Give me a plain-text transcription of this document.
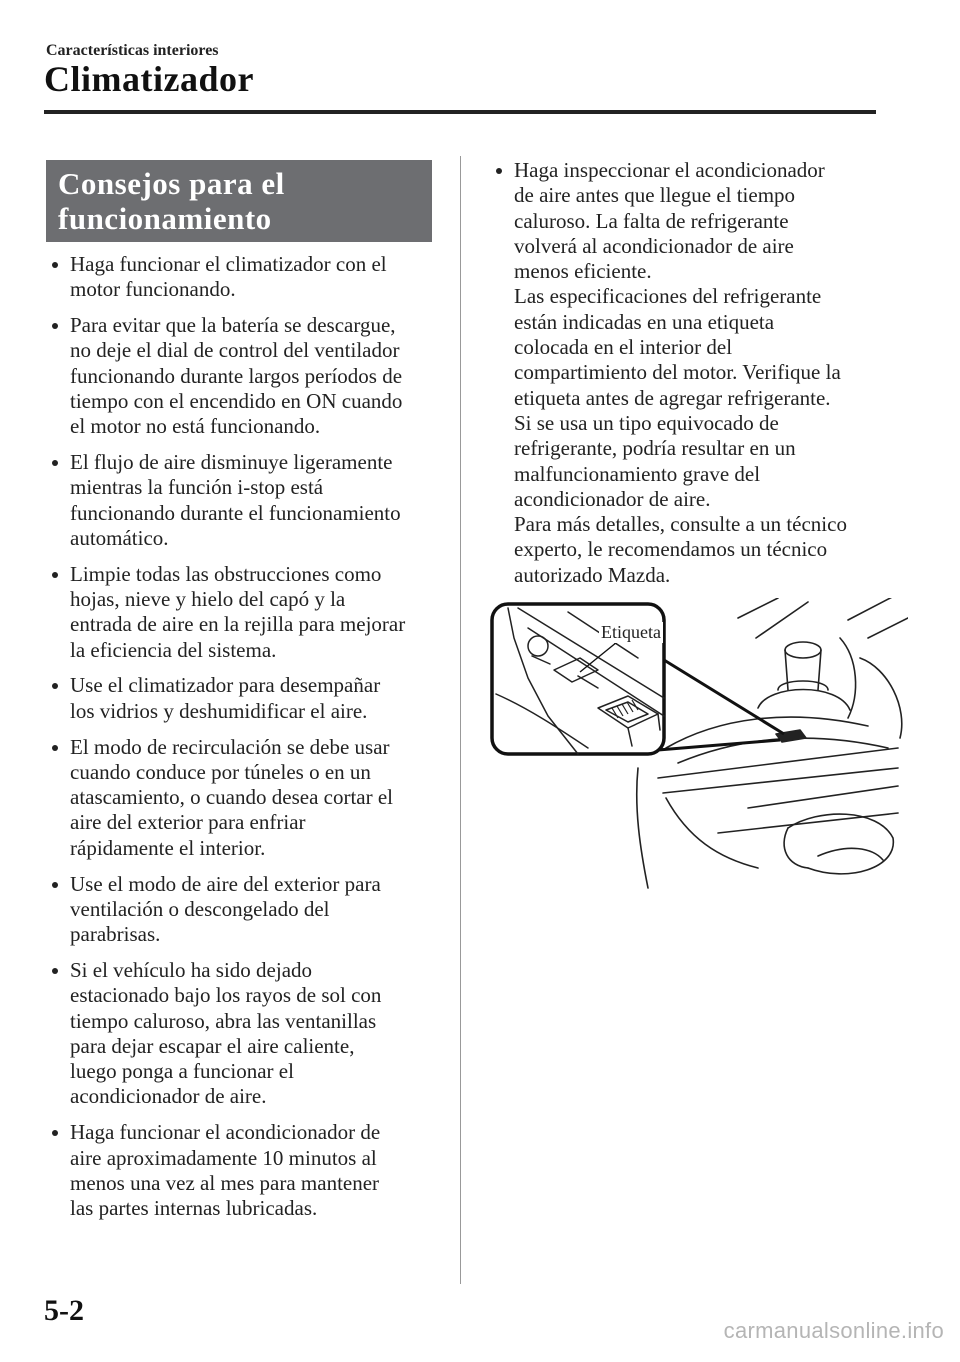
Características interiores
Climatizador
Consejos para el
funcionamiento
Haga funcionar el climatizador con el
motor funcionando.
Para evitar que la batería se descargue,
no deje el dial de control del ventilador
funcionando durante largos períodos de
tiempo con el encendido en ON cuando
el motor no está funcionando.
El flujo de aire disminuye ligeramente
mientras la función i-stop está
funcionando durante el funcionamiento
automático.
Limpie todas las obstrucciones como
hojas, nieve y hielo del capó y la
entrada de aire en la rejilla para mejorar
la eficiencia del sistema.
Use el climatizador para desempañar
los vidrios y deshumidificar el aire.
El modo de recirculación se debe usar
cuando conduce por túneles o en un
atascamiento, o cuando desea cortar el
aire del exterior para enfriar
rápidamente el interior.
Use el modo de aire del exterior para
ventilación o descongelado del
parabrisas.
Si el vehículo ha sido dejado
estacionado bajo los rayos de sol con
tiempo caluroso, abra las ventanillas
para dejar escapar el aire caliente,
luego ponga a funcionar el
acondicionador de aire.
Haga funcionar el acondicionador de
aire aproximadamente 10 minutos al
menos una vez al mes para mantener
las partes internas lubricadas.
Haga inspeccionar el acondicionador
de aire antes que llegue el tiempo
caluroso. La falta de refrigerante
volverá al acondicionador de aire
menos eficiente.
Las especificaciones del refrigerante
están indicadas en una etiqueta
colocada en el interior del
compartimiento del motor. Verifique la
etiqueta antes de agregar refrigerante.
Si se usa un tipo equivocado de
refrigerante, podría resultar en un
malfuncionamiento grave del
acondicionador de aire.
Para más detalles, consulte a un técnico
experto, le recomendamos un técnico
autorizado Mazda.
Etiqueta
5-2
carmanualsonline.info
